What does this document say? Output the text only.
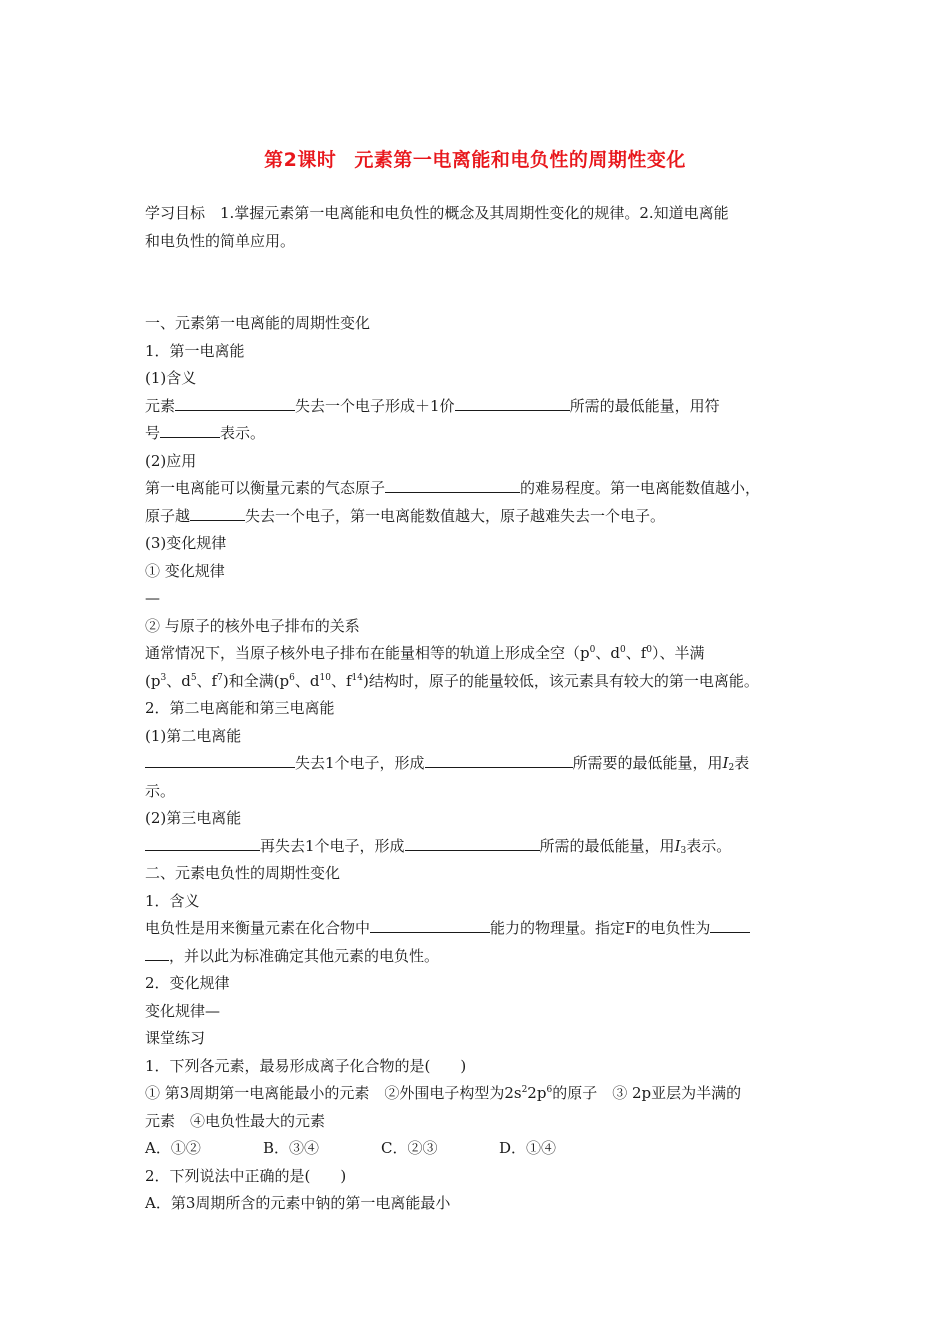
第2课时 元素第一电离能和电负性的周期性变化
学习目标　1.掌握元素第一电离能和电负性的概念及其周期性变化的规律。2.知道电离能
和电负性的简单应用。
一、元素第一电离能的周期性变化
1．第一电离能
(1)含义
元素	失去一个电子形成＋1价	所需的最低能量，用符
号	表示。
(2)应用
第一电离能可以衡量元素的气态原子	的难易程度。第一电离能数值越小，
原子越	失去一个电子，第一电离能数值越大，原子越难失去一个电子。
(3)变化规律
① 变化规律
—
② 与原子的核外电子排布的关系
通常情况下，当原子核外电子排布在能量相等的轨道上形成全空（$p^0$、$d^0$、$f^0$）、半满
($p^3$、$d^5$、$f^7$)和全满($p^6$、$d^{10}$、$f^{14}$)结构时，原子的能量较低，该元素具有较大的第一电离能。
2．第二电离能和第三电离能
(1)第二电离能
失去1个电子，形成	所需要的最低能量，用$I_2$表
示。
(2)第三电离能
再失去1个电子，形成	所需的最低能量，用$I_3$表示。
二、元素电负性的周期性变化
1．含义
电负性是用来衡量元素在化合物中	能力的物理量。指定F的电负性为
，并以此为标准确定其他元素的电负性。
2．变化规律
变化规律—
课堂练习
1．下列各元素，最易形成离子化合物的是(　　)
① 第3周期第一电离能最小的元素　②外围电子构型为$2s^22p^6$的原子　③ 2p亚层为半满的
元素　④电负性最大的元素
A．①②	B．③④	C．②③	D．①④
2．下列说法中正确的是(　　)
A．第3周期所含的元素中钠的第一电离能最小
